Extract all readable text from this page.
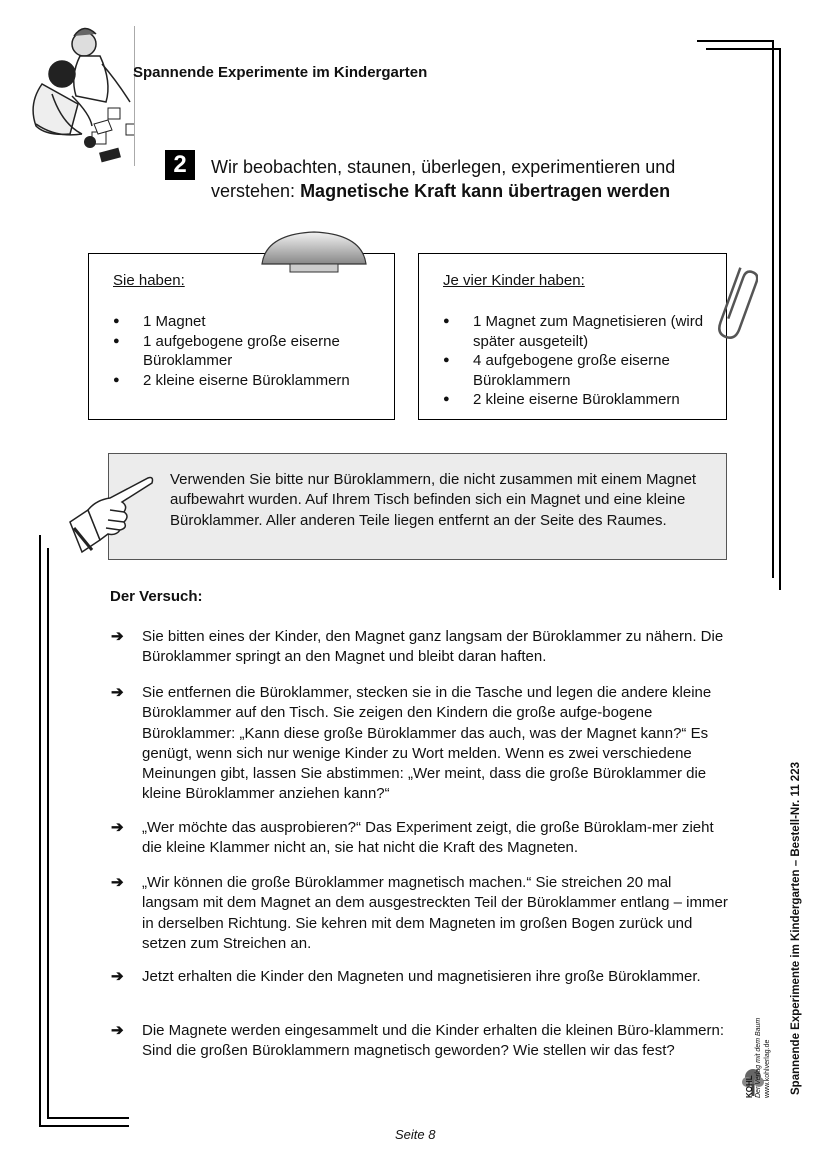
Spannende Experimente im Kindergarten
2	Wir beobachten, staunen, überlegen, experimentieren und verstehen: Magnetische Kraft kann übertragen werden
Sie haben:
● 1 Magnet
● 1 aufgebogene große eiserne Büroklammer
● 2 kleine eiserne Büroklammern
Je vier Kinder haben:
● 1 Magnet zum Magnetisieren (wird später ausgeteilt)
● 4 aufgebogene große eiserne Büroklammern
● 2 kleine eiserne Büroklammern
Verwenden Sie bitte nur Büroklammern, die nicht zusammen mit einem Magnet aufbewahrt wurden. Auf Ihrem Tisch befinden sich ein Magnet und eine kleine Büroklammer. Aller anderen Teile liegen entfernt an der Seite des Raumes.
Der Versuch:
➔ Sie bitten eines der Kinder, den Magnet ganz langsam der Büroklammer zu nähern. Die Büroklammer springt an den Magnet und bleibt daran haften.
➔ Sie entfernen die Büroklammer, stecken sie in die Tasche und legen die andere kleine Büroklammer auf den Tisch. Sie zeigen den Kindern die große aufge-bogene Büroklammer: „Kann diese große Büroklammer das auch, was der Magnet kann?“ Es genügt, wenn sich nur wenige Kinder zu Wort melden. Wenn es zwei verschiedene Meinungen gibt, lassen Sie abstimmen: „Wer meint, dass die große Büroklammer die kleine Büroklammer anziehen kann?“
➔ „Wer möchte das ausprobieren?“ Das Experiment zeigt, die große Büroklam-mer zieht die kleine Klammer nicht an, sie hat nicht die Kraft des Magneten.
➔ „Wir können die große Büroklammer magnetisch machen.“ Sie streichen 20 mal langsam mit dem Magnet an dem ausgestreckten Teil der Büroklammer entlang – immer in derselben Richtung. Sie kehren mit dem Magneten im großen Bogen zurück und setzen zum Streichen an.
➔ Jetzt erhalten die Kinder den Magneten und magnetisieren ihre große Büroklammer.
➔ Die Magnete werden eingesammelt und die Kinder erhalten die kleinen Büro-klammern: Sind die großen Büroklammern magnetisch geworden? Wie stellen wir das fest?
Seite 8
Spannende Experimente im Kindergarten – Bestell-Nr. 11 223
KOHL Der Verlag mit dem Baum www.kohlverlag.de
